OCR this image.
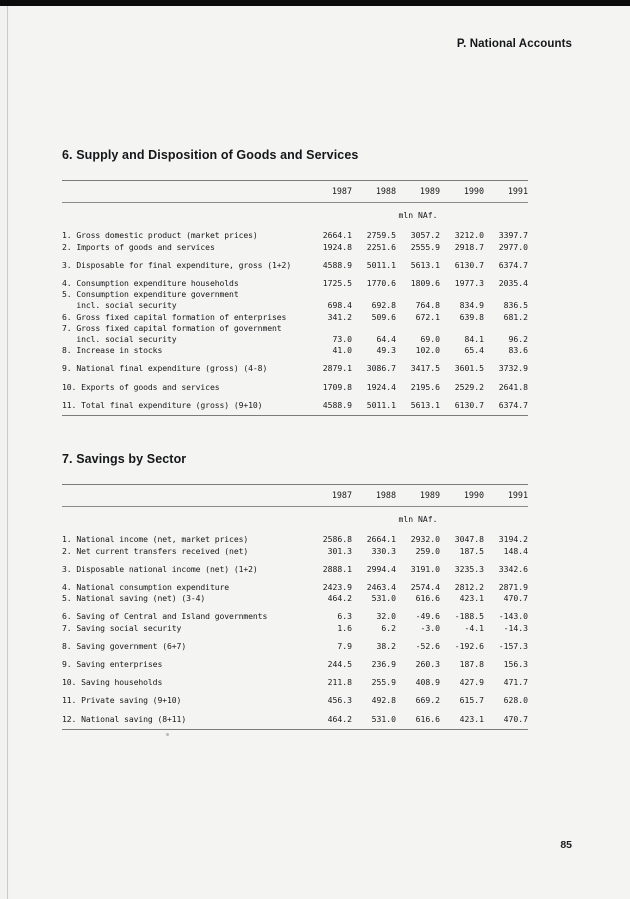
P. National Accounts
6. Supply and Disposition of Goods and Services
	1987	1988	1989	1990	1991
			mln NAf.		

1. Gross domestic product (market prices)	2664.1	2759.5	3057.2	3212.0	3397.7
2. Imports of goods and services	1924.8	2251.6	2555.9	2918.7	2977.0

3. Disposable for final expenditure, gross (1+2)	4588.9	5011.1	5613.1	6130.7	6374.7

4. Consumption expenditure households	1725.5	1770.6	1809.6	1977.3	2035.4
5. Consumption expenditure government					
incl. social security	698.4	692.8	764.8	834.9	836.5
6. Gross fixed capital formation of enterprises	341.2	509.6	672.1	639.8	681.2
7. Gross fixed capital formation of government					
incl. social security	73.0	64.4	69.0	84.1	96.2
8. Increase in stocks	41.0	49.3	102.0	65.4	83.6

9. National final expenditure (gross) (4-8)	2879.1	3086.7	3417.5	3601.5	3732.9

10. Exports of goods and services	1709.8	1924.4	2195.6	2529.2	2641.8

11. Total final expenditure (gross) (9+10)	4588.9	5011.1	5613.1	6130.7	6374.7

7. Savings by Sector
	1987	1988	1989	1990	1991
			mln NAf.		

1. National income (net, market prices)	2586.8	2664.1	2932.0	3047.8	3194.2
2. Net current transfers received (net)	301.3	330.3	259.0	187.5	148.4

3. Disposable national income (net) (1+2)	2888.1	2994.4	3191.0	3235.3	3342.6

4. National consumption expenditure	2423.9	2463.4	2574.4	2812.2	2871.9
5. National saving (net) (3-4)	464.2	531.0	616.6	423.1	470.7

6. Saving of Central and Island governments	6.3	32.0	-49.6	-188.5	-143.0
7. Saving social security	1.6	6.2	-3.0	-4.1	-14.3

8. Saving government (6+7)	7.9	38.2	-52.6	-192.6	-157.3

9. Saving enterprises	244.5	236.9	260.3	187.8	156.3

10. Saving households	211.8	255.9	408.9	427.9	471.7

11. Private saving (9+10)	456.3	492.8	669.2	615.7	628.0

12. National saving (8+11)	464.2	531.0	616.6	423.1	470.7

85
